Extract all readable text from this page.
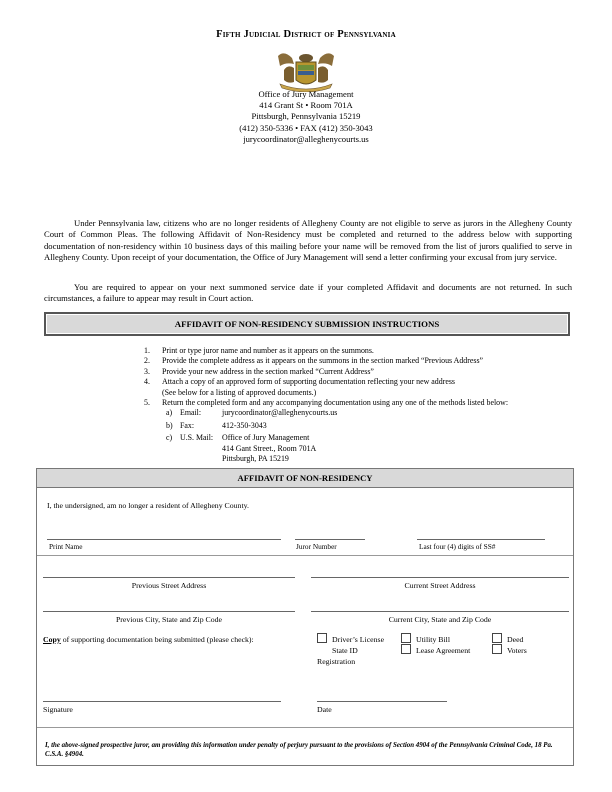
Fifth Judicial District of Pennsylvania
Office of Jury Management
414 Grant St • Room 701A
Pittsburgh, Pennsylvania 15219
(412) 350-5336 • FAX (412) 350-3043
jurycoordinator@alleghenycourts.us

Under Pennsylvania law, citizens who are no longer residents of Allegheny County are not eligible to serve as jurors in the Allegheny County Court of Common Pleas. The following Affidavit of Non-Residency must be completed and returned to the address below with supporting documentation of non-residency within 10 business days of this mailing before your name will be removed from the list of jurors qualified to serve in Allegheny County. Upon receipt of your documentation, the Office of Jury Management will send a letter confirming your excusal from jury service.

You are required to appear on your next summoned service date if your completed Affidavit and documents are not returned. In such circumstances, a failure to appear may result in Court action.

AFFIDAVIT OF NON-RESIDENCY SUBMISSION INSTRUCTIONS
1.	Print or type juror name and number as it appears on the summons.
2.	Provide the complete address as it appears on the summons in the section marked “Previous Address”
3.	Provide your new address in the section marked “Current Address”
4.	Attach a copy of an approved form of supporting documentation reflecting your new address
(See below for a listing of approved documents.)
5.	Return the completed form and any accompanying documentation using any one of the methods listed below:
a) Email:	jurycoordinator@alleghenycourts.us
b) Fax:	412-350-3043
c) U.S. Mail:	Office of Jury Management
414 Gant Street., Room 701A
Pittsburgh, PA 15219
AFFIDAVIT OF NON-RESIDENCY
I, the undersigned, am no longer a resident of Allegheny County.
Print Name	Juror Number	Last four (4) digits of SS#
Previous Street Address	Current Street Address
Previous City, State and Zip Code	Current City, State and Zip Code
Copy of supporting documentation being submitted (please check):	Driver’s License	Utility Bill	Deed
State ID	Lease Agreement	Voters
Registration
Signature	Date
I, the above-signed prospective juror, am providing this information under penalty of perjury pursuant to the provisions of Section 4904 of the Pennsylvania Criminal Code, 18 Pa. C.S.A. §4904.
